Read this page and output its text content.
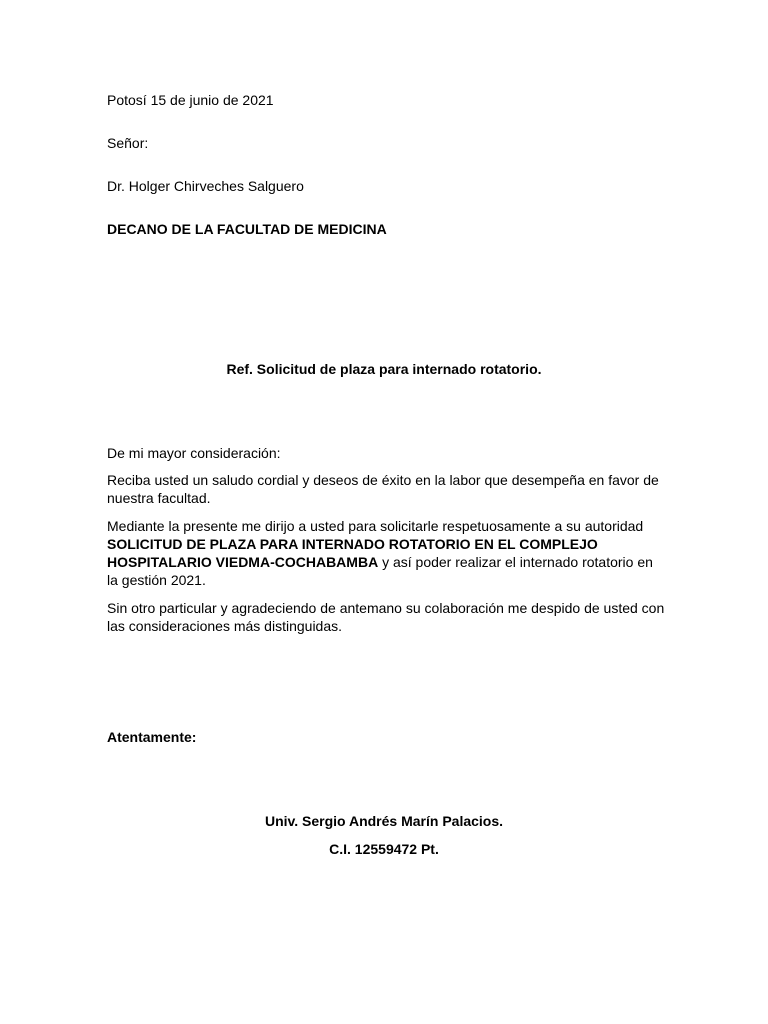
Potosí 15 de junio de 2021

Señor:

Dr. Holger Chirveches Salguero

DECANO DE LA FACULTAD DE MEDICINA

Ref. Solicitud de plaza para internado rotatorio.

De mi mayor consideración:

Reciba usted un saludo cordial y deseos de éxito en la labor que desempeña en favor de nuestra facultad.

Mediante la presente me dirijo a usted para solicitarle respetuosamente a su autoridad SOLICITUD DE PLAZA PARA INTERNADO ROTATORIO EN EL COMPLEJO HOSPITALARIO VIEDMA-COCHABAMBA y así poder realizar el internado rotatorio en la gestión 2021.

Sin otro particular y agradeciendo de antemano su colaboración me despido de usted con las consideraciones más distinguidas.

Atentamente:

Univ. Sergio Andrés Marín Palacios.

C.I. 12559472 Pt.
